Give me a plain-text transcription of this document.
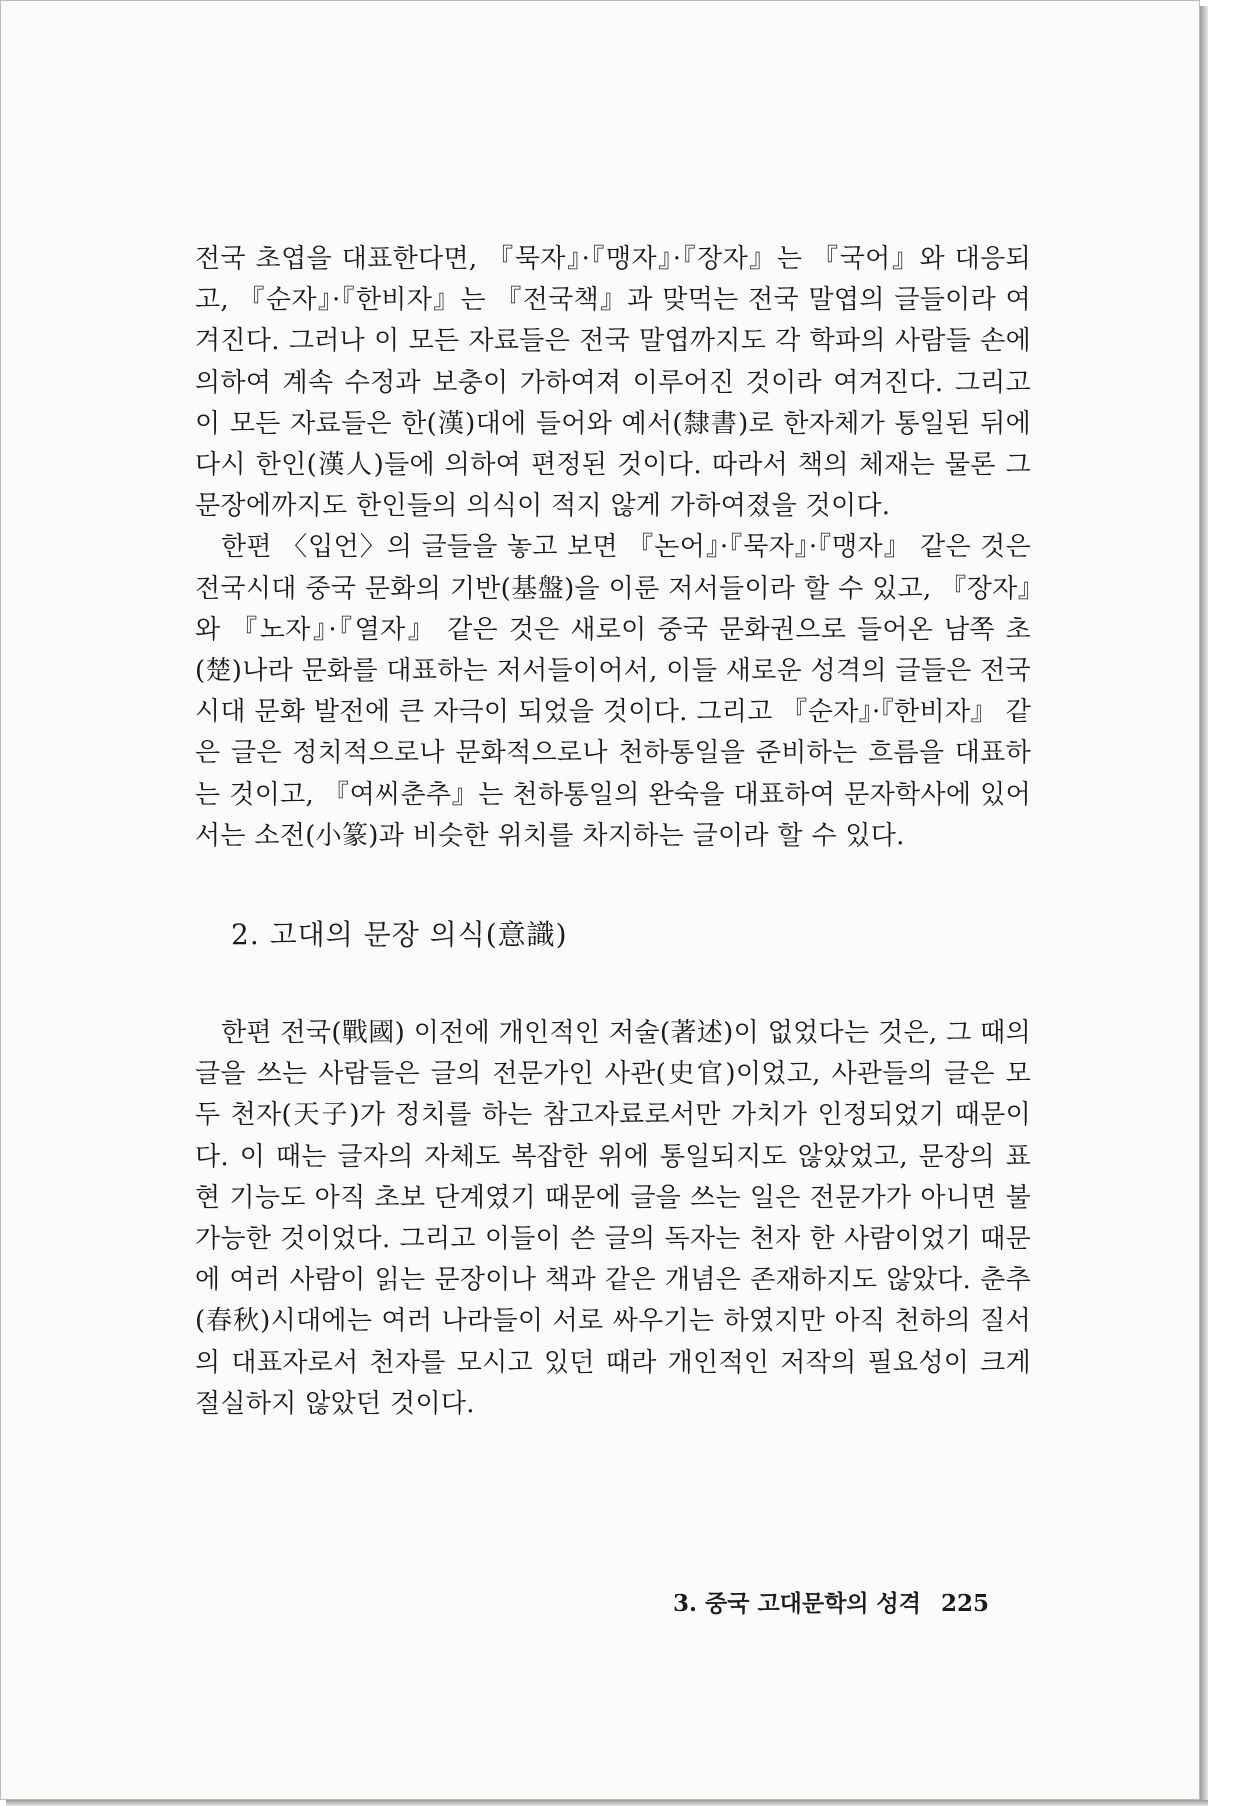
전국 초엽을 대표한다면, 『묵자』·『맹자』·『장자』는 『국어』와 대응되고, 『순자』·『한비자』는 『전국책』과 맞먹는 전국 말엽의 글들이라 여겨진다. 그러나 이 모든 자료들은 전국 말엽까지도 각 학파의 사람들 손에 의하여 계속 수정과 보충이 가하여져 이루어진 것이라 여겨진다. 그리고 이 모든 자료들은 한(漢)대에 들어와 예서(隸書)로 한자체가 통일된 뒤에 다시 한인(漢人)들에 의하여 편정된 것이다. 따라서 책의 체재는 물론 그 문장에까지도 한인들의 의식이 적지 않게 가하여졌을 것이다.

한편 〈입언〉의 글들을 놓고 보면 『논어』·『묵자』·『맹자』 같은 것은 전국시대 중국 문화의 기반(基盤)을 이룬 저서들이라 할 수 있고, 『장자』와 『노자』·『열자』 같은 것은 새로이 중국 문화권으로 들어온 남쪽 초(楚)나라 문화를 대표하는 저서들이어서, 이들 새로운 성격의 글들은 전국시대 문화 발전에 큰 자극이 되었을 것이다. 그리고 『순자』·『한비자』 같은 글은 정치적으로나 문화적으로나 천하통일을 준비하는 흐름을 대표하는 것이고, 『여씨춘추』는 천하통일의 완숙을 대표하여 문자학사에 있어서는 소전(小篆)과 비슷한 위치를 차지하는 글이라 할 수 있다.

2. 고대의 문장 의식(意識)

한편 전국(戰國) 이전에 개인적인 저술(著述)이 없었다는 것은, 그 때의 글을 쓰는 사람들은 글의 전문가인 사관(史官)이었고, 사관들의 글은 모두 천자(天子)가 정치를 하는 참고자료로서만 가치가 인정되었기 때문이다. 이 때는 글자의 자체도 복잡한 위에 통일되지도 않았었고, 문장의 표현 기능도 아직 초보 단계였기 때문에 글을 쓰는 일은 전문가가 아니면 불가능한 것이었다. 그리고 이들이 쓴 글의 독자는 천자 한 사람이었기 때문에 여러 사람이 읽는 문장이나 책과 같은 개념은 존재하지도 않았다. 춘추(春秋)시대에는 여러 나라들이 서로 싸우기는 하였지만 아직 천하의 질서의 대표자로서 천자를 모시고 있던 때라 개인적인 저작의 필요성이 크게 절실하지 않았던 것이다.

3. 중국 고대문학의 성격 225
